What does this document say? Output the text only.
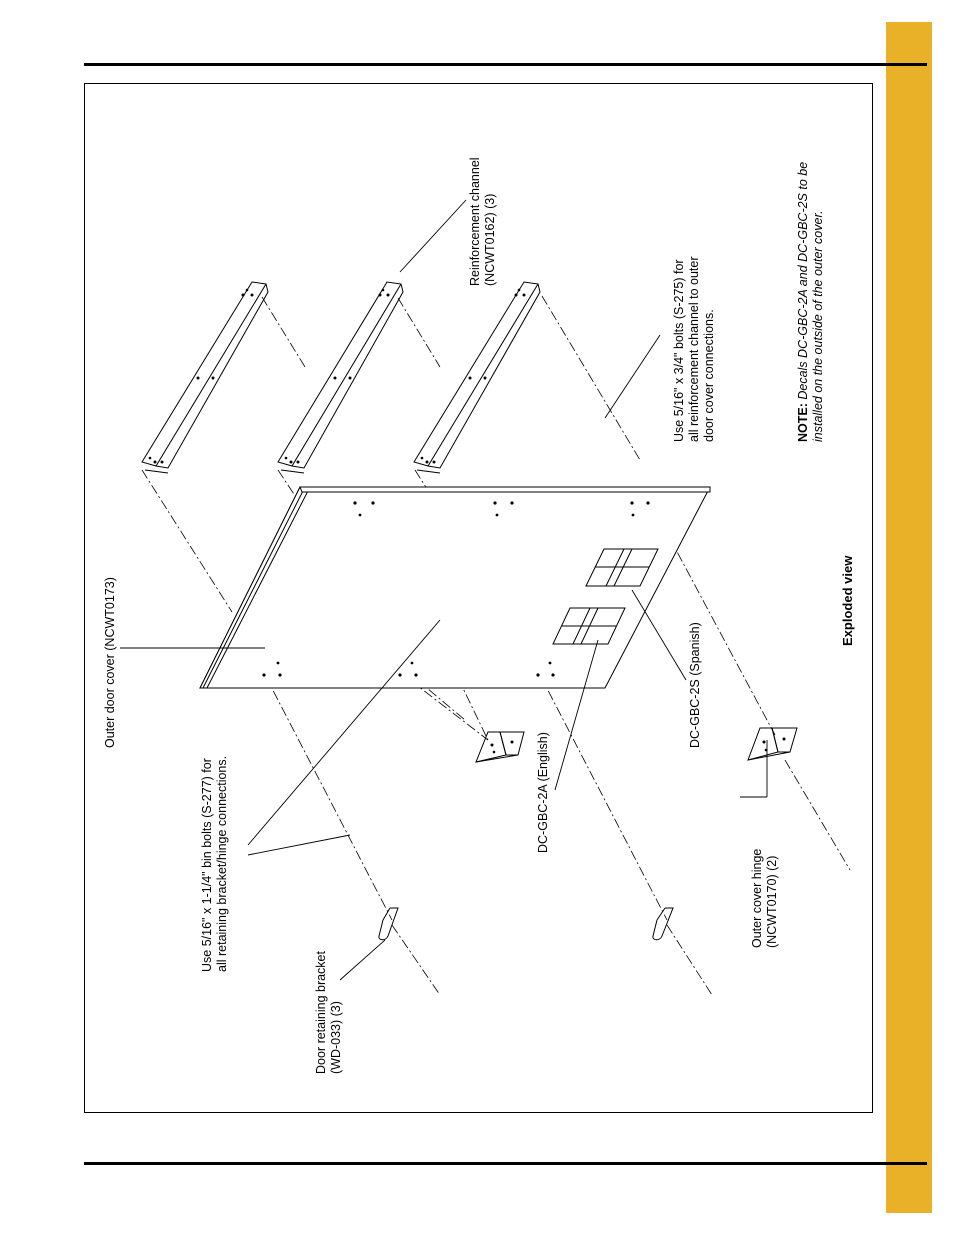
Outer door cover (NCWT0173)
Reinforcement channel
(NCWT0162) (3)
Use 5/16" x 3/4" bolts (S-275) for
all reinforcement channel to outer
door cover connections.
Use 5/16" x 1-1/4" bin bolts (S-277) for
all retaining bracket/hinge connections.
Door retaining bracket
(WD-033) (3)
DC-GBC-2A (English)
DC-GBC-2S (Spanish)
Outer cover hinge
(NCWT0170) (2)
Exploded view
NOTE: Decals DC-GBC-2A and DC-GBC-2S to be
installed on the outside of the outer cover.
